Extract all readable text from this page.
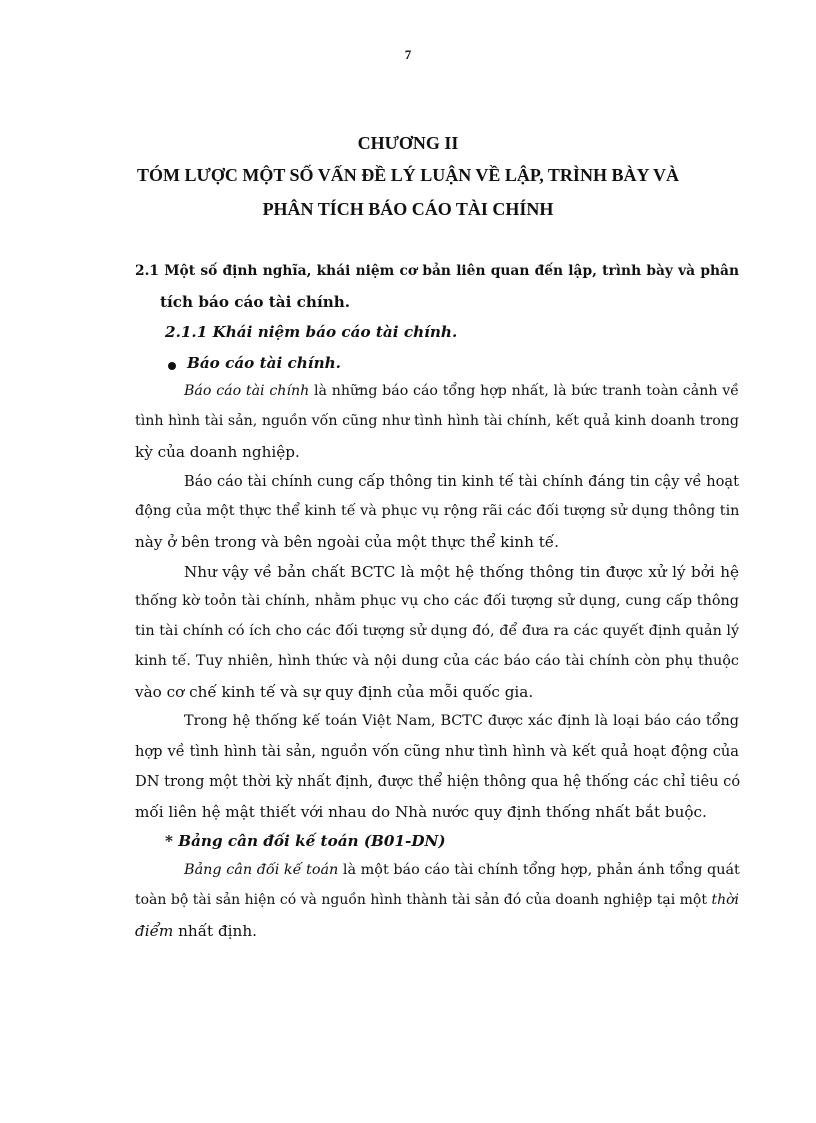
7
CHƯƠNG II
TÓM LƯỢC MỘT SỐ VẤN ĐỀ LÝ LUẬN VỀ LẬP, TRÌNH BÀY VÀ
PHÂN TÍCH BÁO CÁO TÀI CHÍNH
2.1 Một số định nghĩa, khái niệm cơ bản liên quan đến lập, trình bày và phân
tích báo cáo tài chính.
2.1.1 Khái niệm báo cáo tài chính.
Báo cáo tài chính.
Báo cáo tài chính là những báo cáo tổng hợp nhất, là bức tranh toàn cảnh về
tình hình tài sản, nguồn vốn cũng như tình hình tài chính, kết quả kinh doanh trong
kỳ của doanh nghiệp.
Báo cáo tài chính cung cấp thông tin kinh tế tài chính đáng tin cậy về hoạt
động của một thực thể kinh tế và phục vụ rộng rãi các đối tượng sử dụng thông tin
này ở bên trong và bên ngoài của một thực thể kinh tế.
Như vậy về bản chất BCTC là một hệ thống thông tin được xử lý bởi hệ
thống kờ toỏn tài chính, nhằm phục vụ cho các đối tượng sử dụng, cung cấp thông
tin tài chính có ích cho các đối tượng sử dụng đó, để đưa ra các quyết định quản lý
kinh tế. Tuy nhiên, hình thức và nội dung của các báo cáo tài chính còn phụ thuộc
vào cơ chế kinh tế và sự quy định của mỗi quốc gia.
Trong hệ thống kế toán Việt Nam, BCTC được xác định là loại báo cáo tổng
hợp về tình hình tài sản, nguồn vốn cũng như tình hình và kết quả hoạt động của
DN trong một thời kỳ nhất định, được thể hiện thông qua hệ thống các chỉ tiêu có
mối liên hệ mật thiết với nhau do Nhà nước quy định thống nhất bắt buộc.
* Bảng cân đối kế toán (B01-DN)
Bảng cân đối kế toán là một báo cáo tài chính tổng hợp, phản ánh tổng quát
toàn bộ tài sản hiện có và nguồn hình thành tài sản đó của doanh nghiệp tại một thời
điểm nhất định.
